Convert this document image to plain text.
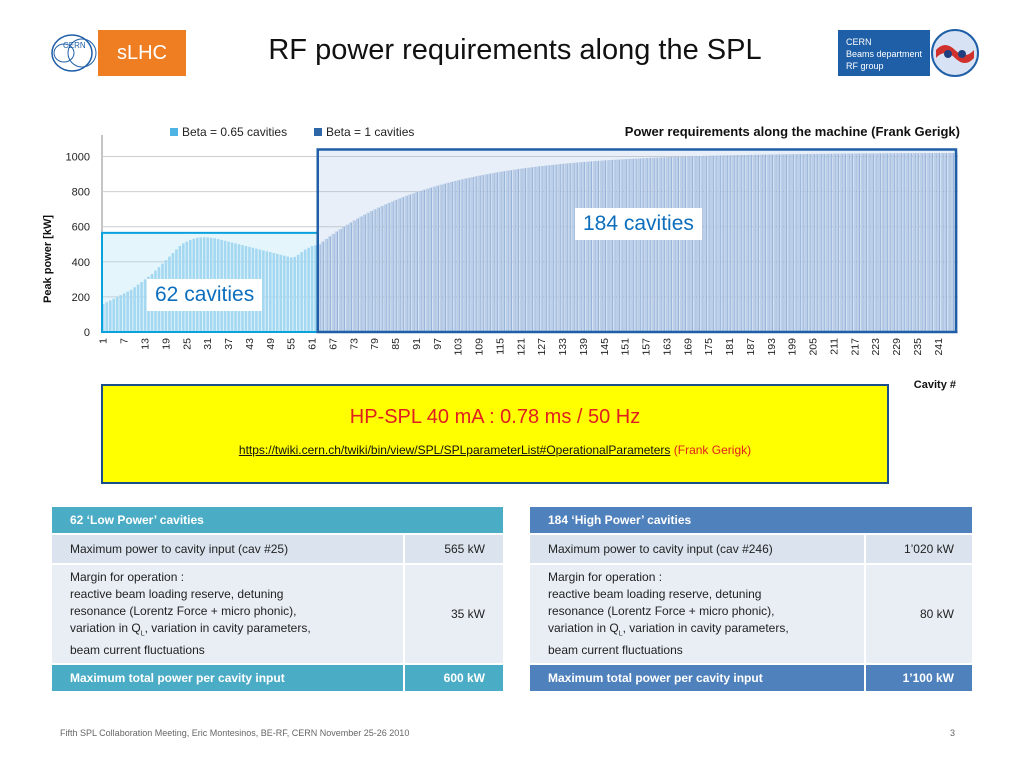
CERN	sLHC	RF power requirements along the SPL	CERN
Beams department
RF group
Beta = 0.65 cavities	Beta = 1 cavities	Power requirements along the machine (Frank Gerigk)
Peak power [kW]
Cavity #
0
200
400
600
800
1000
1 7 13 19 25 31 37 43 49 55 61 67 73 79 85 91 97 103 109 115 121 127 133 139 145 151 157 163 169 175 181 187 193 199 205 211 217 223 229 235 241
62 cavities
184 cavities
HP-SPL 40 mA : 0.78 ms / 50 Hz
https://twiki.cern.ch/twiki/bin/view/SPL/SPLparameterList#OperationalParameters (Frank Gerigk)
62 ‘Low Power’ cavities	
Maximum power to cavity input (cav #25)	565 kW

Margin for operation :
reactive beam loading reserve, detuning
resonance (Lorentz Force + micro phonic),
variation in $Q_L$, variation in cavity parameters,
beam current fluctuations	35 kW
Maximum total power per cavity input	600 kW
184 ‘High Power’ cavities	
Maximum power to cavity input (cav #246)	1’020 kW

Margin for operation :
reactive beam loading reserve, detuning
resonance (Lorentz Force + micro phonic),
variation in $Q_L$, variation in cavity parameters,
beam current fluctuations	80 kW
Maximum total power per cavity input	1’100 kW
Fifth SPL Collaboration Meeting, Eric Montesinos, BE-RF, CERN November 25-26 2010	3
